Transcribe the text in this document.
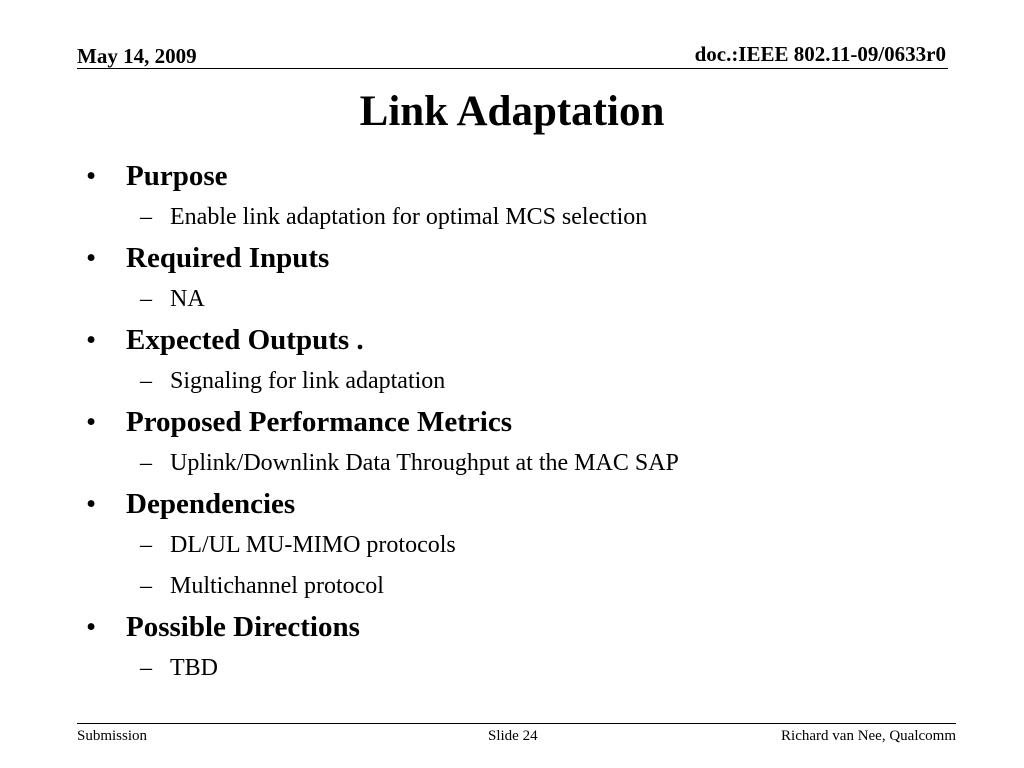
May 14, 2009	doc.:IEEE 802.11-09/0633r0
Link Adaptation
• Purpose
– Enable link adaptation for optimal MCS selection
• Required Inputs
– NA
• Expected Outputs .
– Signaling for link adaptation
• Proposed Performance Metrics
– Uplink/Downlink Data Throughput at the MAC SAP
• Dependencies
– DL/UL MU-MIMO protocols
– Multichannel protocol
• Possible Directions
– TBD
Submission	Slide 24	Richard van Nee, Qualcomm
